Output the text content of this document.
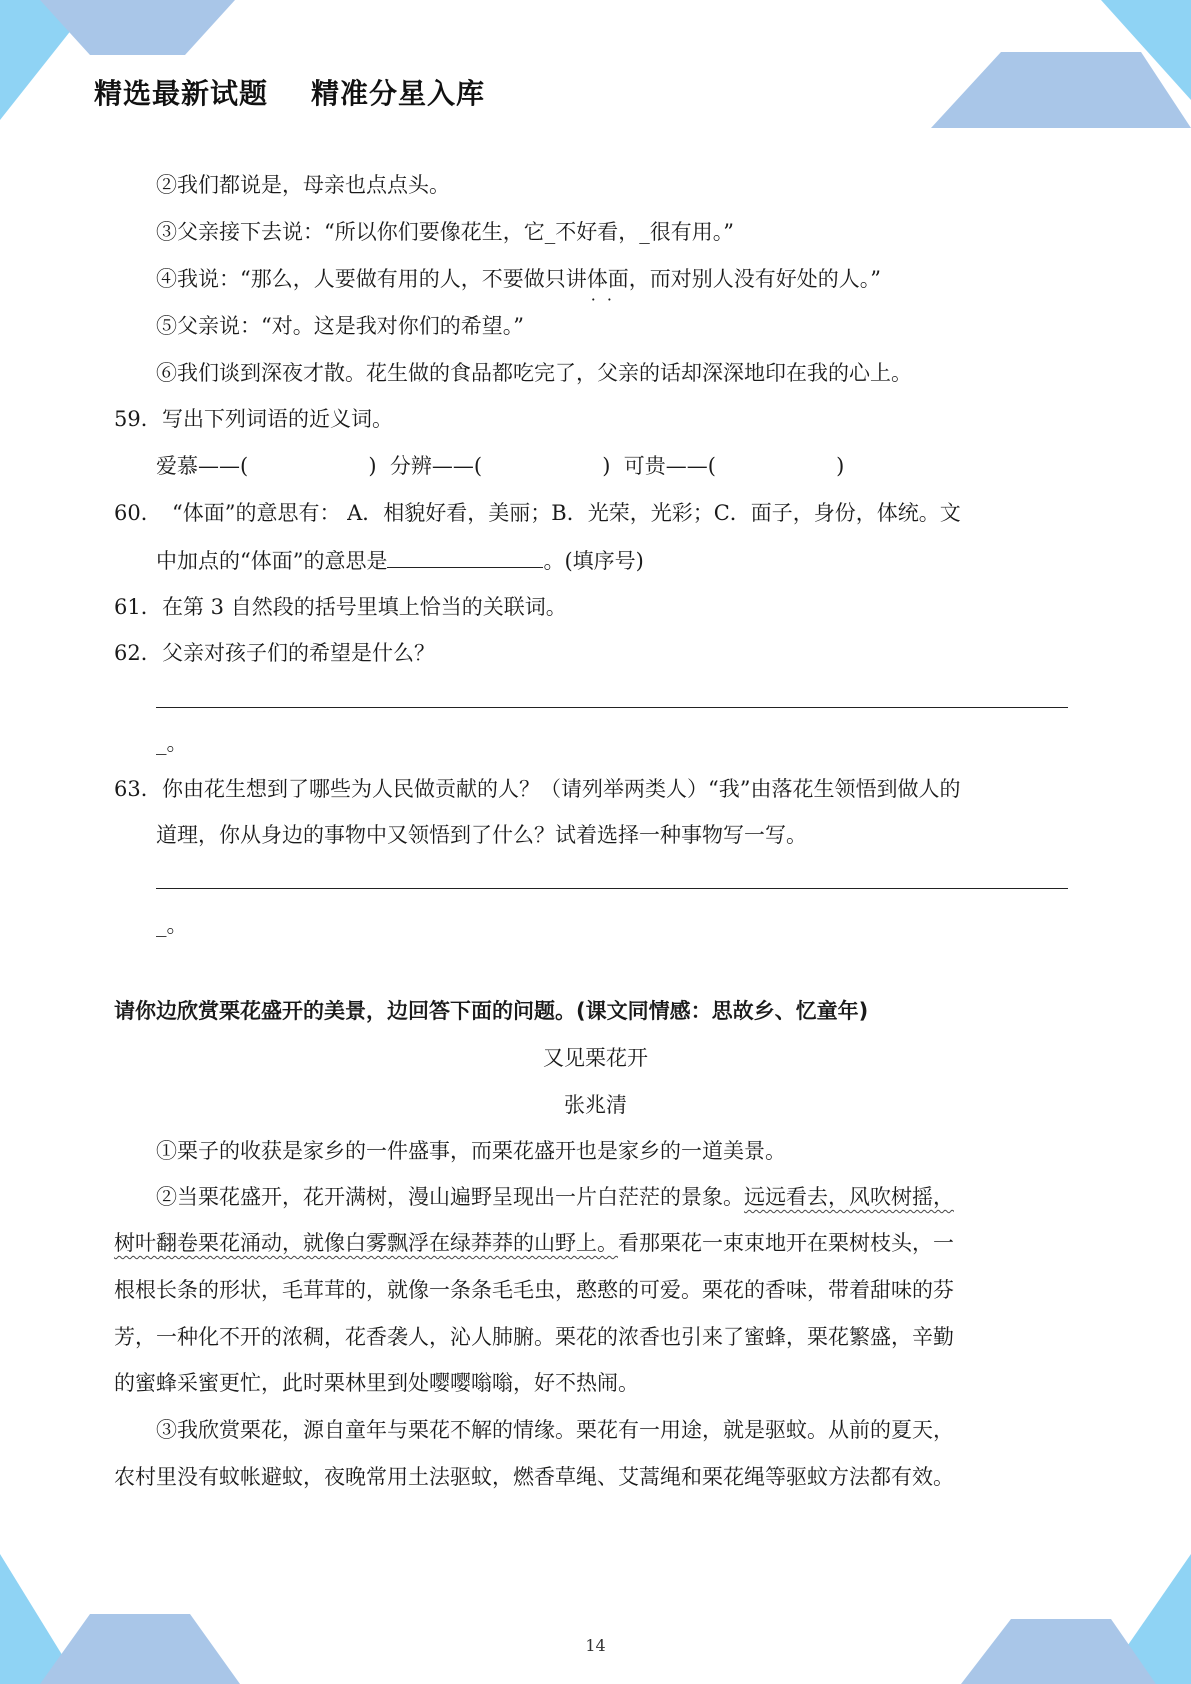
精选最新试题    精准分星入库
②我们都说是，母亲也点点头。
③父亲接下去说：“所以你们要像花生，它_不好看，_很有用。”
④我说：“那么，人要做有用的人，不要做只讲体面 · ·，而对别人没有好处的人。”
⑤父亲说：“对。这是我对你们的希望。”
⑥我们谈到深夜才散。花生做的食品都吃完了，父亲的话却深深地印在我的心上。
59． 写出下列词语的近义词。
爱慕——(                  )  分辨——(                  )  可贵——(                  )
60． “体面”的意思有： A．相貌好看，美丽；B．光荣，光彩；C．面子，身份，体统。文
中加点的“体面”的意思是	。(填序号)
61． 在第 3 自然段的括号里填上恰当的关联词。
62． 父亲对孩子们的希望是什么？
_。
63． 你由花生想到了哪些为人民做贡献的人？（请列举两类人）“我”由落花生领悟到做人的
道理，你从身边的事物中又领悟到了什么？试着选择一种事物写一写。
_。
请你边欣赏栗花盛开的美景，边回答下面的问题。(课文同情感：思故乡、忆童年)
又见栗花开
张兆清
①栗子的收获是家乡的一件盛事，而栗花盛开也是家乡的一道美景。
②当栗花盛开，花开满树，漫山遍野呈现出一片白茫茫的景象。远远看去，风吹树摇，
树叶翻卷栗花涌动，就像白雾飘浮在绿莽莽的山野上。看那栗花一束束地开在栗树枝头，一
根根长条的形状，毛茸茸的，就像一条条毛毛虫，憨憨的可爱。栗花的香味，带着甜味的芬
芳，一种化不开的浓稠，花香袭人，沁人肺腑。栗花的浓香也引来了蜜蜂，栗花繁盛，辛勤
的蜜蜂采蜜更忙，此时栗林里到处嘤嘤嗡嗡，好不热闹。
③我欣赏栗花，源自童年与栗花不解的情缘。栗花有一用途，就是驱蚊。从前的夏天，
农村里没有蚊帐避蚊，夜晚常用土法驱蚊，燃香草绳、艾蒿绳和栗花绳等驱蚊方法都有效。
14
